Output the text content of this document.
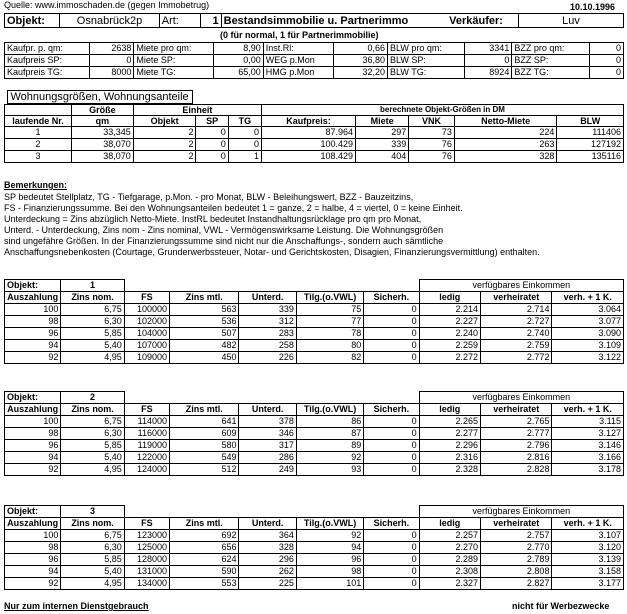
Quelle: www.immoschaden.de (gegen Immobetrug)	10.10.1996
Objekt:	Osnabrück2p	Art:	1	Bestandsimmobilie u. Partnerimmo	Verkäufer:	Luv
(0 für normal, 1 für Partnerimmobilie)
Kaufpr. p. qm:	2638	Miete pro qm:	8,90	Inst.Rl:	0,66	BLW pro qm:	3341	BZZ pro qm:	0
Kaufpreis SP:	0	Miete SP:	0,00	WEG p.Mon	36,80	BLW SP:	0	BZZ SP:	0
Kaufpreis TG:	8000	Miete TG:	65,00	HMG p.Mon	32,20	BLW TG:	8924	BZZ TG:	0
Wohnungsgrößen, Wohnungsanteile									
	Größe	Einheit			berechnete Objekt-Größen in DM				
laufende Nr.	qm	Objekt	SP	TG	Kaufpreis:	Miete	VNK	Netto-Miete	BLW
1	33,345	2	0	0	87.964	297	73	224	111406
2	38,070	2	0	0	100.429	339	76	263	127192
3	38,070	2	0	1	108.429	404	76	328	135116
Bemerkungen:
SP bedeutet Stellplatz, TG - Tiefgarage, p.Mon. - pro Monat, BLW - Beleihungswert, BZZ - Bauzeitzins,
FS - Finanzierungssumme. Bei den Wohnungsanteilen bedeutet 1 = ganze, 2 = halbe, 4 = viertel, 0 = keine Einheit.
Unterdeckung = Zins abzüglich Netto-Miete. InstRL bedeutet Instandhaltungsrücklage pro qm pro Monat,
Unterd. - Unterdeckung, Zins nom - Zins nominal, VWL - Vermögenswirksame Leistung. Die Wohnungsgrößen
sind ungefähre Größen. In der Finanzierungssumme sind nicht nur die Anschaffungs-, sondern auch sämtliche
Anschaffungsnebenkosten (Courtage, Grunderwerbssteuer, Notar- und Gerichtskosten, Disagien, Finanzierungsvermittlung) enthalten.
Objekt:	1						verfügbares Einkommen		
Auszahlung	Zins nom.	FS	Zins mtl.	Unterd.	Tilg.(o.VWL)	Sicherh.	ledig	verheiratet	verh. + 1 K.
100	6,75	100000	563	339	75	0	2.214	2.714	3.064
98	6,30	102000	536	312	77	0	2.227	2.727	3.077
96	5,85	104000	507	283	78	0	2.240	2.740	3.090
94	5,40	107000	482	258	80	0	2.259	2.759	3.109
92	4,95	109000	450	226	82	0	2.272	2.772	3.122
Objekt:	2						verfügbares Einkommen		
Auszahlung	Zins nom.	FS	Zins mtl.	Unterd.	Tilg.(o.VWL)	Sicherh.	ledig	verheiratet	verh. + 1 K.
100	6,75	114000	641	378	86	0	2.265	2.765	3.115
98	6,30	116000	609	346	87	0	2.277	2.777	3.127
96	5,85	119000	580	317	89	0	2.296	2.796	3.146
94	5,40	122000	549	286	92	0	2.316	2.816	3.166
92	4,95	124000	512	249	93	0	2.328	2.828	3.178
Objekt:	3						verfügbares Einkommen		
Auszahlung	Zins nom.	FS	Zins mtl.	Unterd.	Tilg.(o.VWL)	Sicherh.	ledig	verheiratet	verh. + 1 K.
100	6,75	123000	692	364	92	0	2.257	2.757	3.107
98	6,30	125000	656	328	94	0	2.270	2.770	3.120
96	5,85	128000	624	296	96	0	2.289	2.789	3.139
94	5,40	131000	590	262	98	0	2.308	2.808	3.158
92	4,95	134000	553	225	101	0	2.327	2.827	3.177
Nur zum internen Dienstgebrauch	nicht für Werbezwecke
